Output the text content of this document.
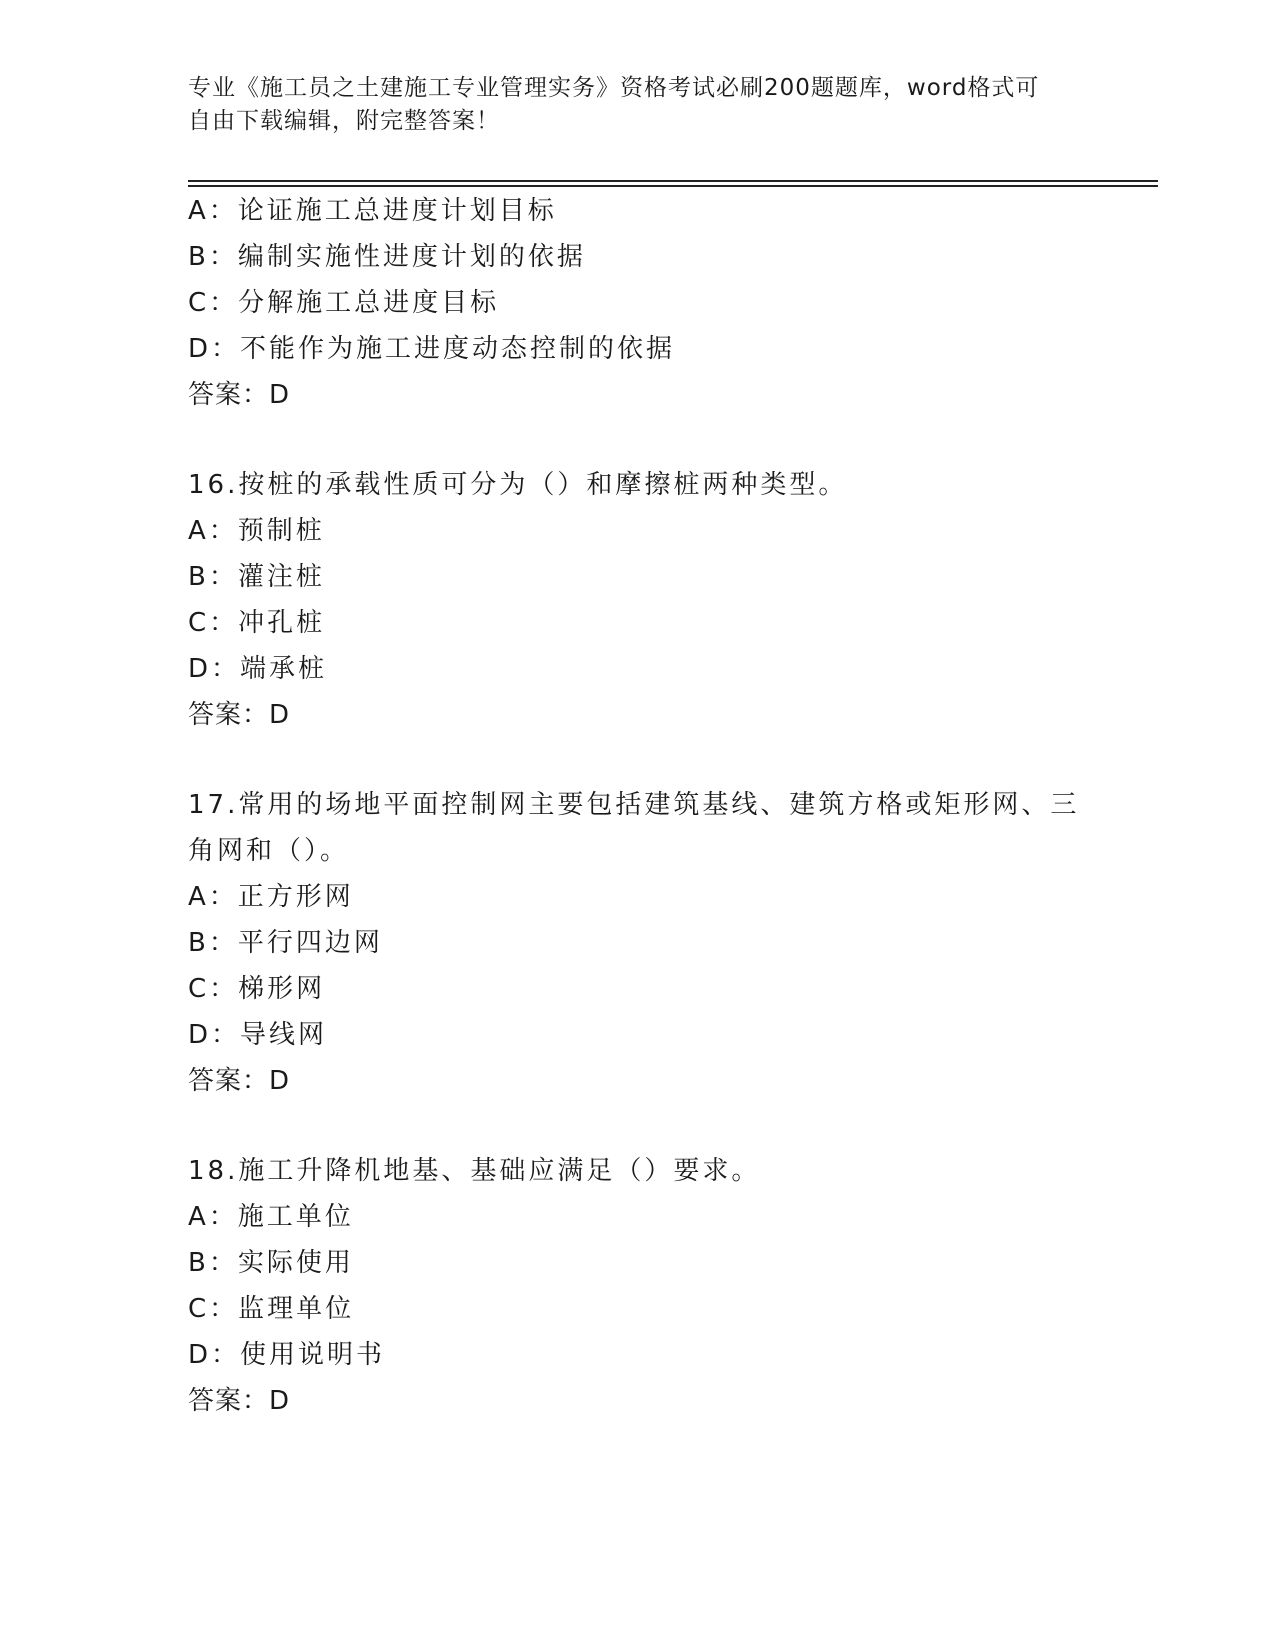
专业《施工员之土建施工专业管理实务》资格考试必刷200题题库，word格式可
自由下载编辑，附完整答案！
A：论证施工总进度计划目标
B：编制实施性进度计划的依据
C：分解施工总进度目标
D：不能作为施工进度动态控制的依据
答案：D
16.按桩的承载性质可分为（）和摩擦桩两种类型。
A：预制桩
B：灌注桩
C：冲孔桩
D：端承桩
答案：D
17.常用的场地平面控制网主要包括建筑基线、建筑方格或矩形网、三角网和（）。
A：正方形网
B：平行四边网
C：梯形网
D：导线网
答案：D
18.施工升降机地基、基础应满足（）要求。
A：施工单位
B：实际使用
C：监理单位
D：使用说明书
答案：D
